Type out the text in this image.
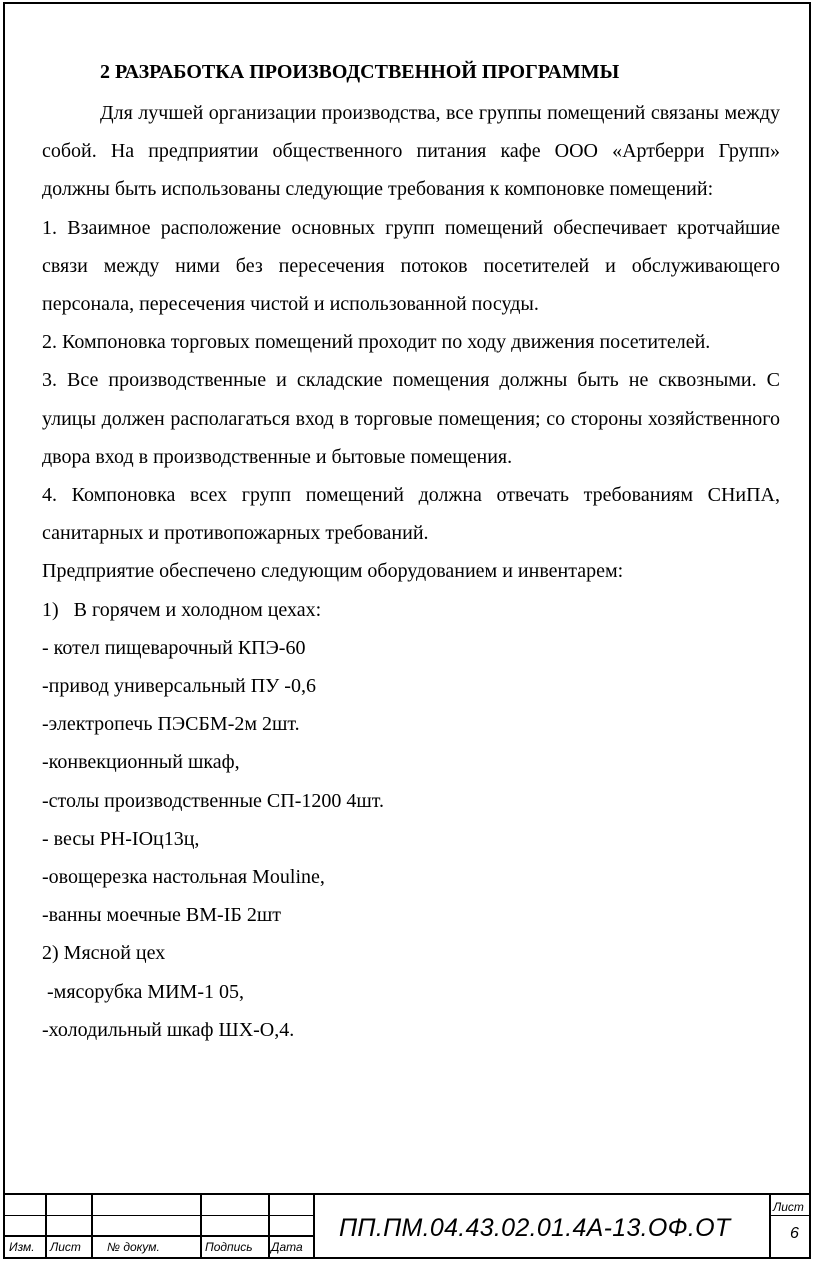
2 РАЗРАБОТКА ПРОИЗВОДСТВЕННОЙ ПРОГРАММЫ

Для лучшей организации производства, все группы помещений связаны между собой. На предприятии общественного питания кафе ООО «Артберри Групп» должны быть использованы следующие требования к компоновке помещений:

1. Взаимное расположение основных групп помещений обеспечивает кротчайшие связи между ними без пересечения потоков посетителей и обслуживающего персонала, пересечения чистой и использованной посуды.

2. Компоновка торговых помещений проходит по ходу движения посетителей.

3. Все производственные и складские помещения должны быть не сквозными. С улицы должен располагаться вход в торговые помещения; со стороны хозяйственного двора вход в производственные и бытовые помещения.

4. Компоновка всех групп помещений должна отвечать требованиям СНиПА, санитарных и противопожарных требований.

Предприятие обеспечено следующим оборудованием и инвентарем:

1)   В горячем и холодном цехах:

- котел пищеварочный КПЭ-60

-привод универсальный ПУ -0,6

-электропечь ПЭСБМ-2м 2шт.

-конвекционный шкаф,

-столы производственные СП-1200 4шт.

- весы РН-IOц13ц,

-овощерезка настольная Mouline,

-ванны моечные ВМ-IБ 2шт

2) Мясной цех

-мясорубка МИМ-1 05,

-холодильный шкаф ШХ-О,4.

Изм. Лист № докум.	Подпись Дата
ПП.ПМ.04.43.02.01.4А-13.ОФ.ОТ
Лист
6
